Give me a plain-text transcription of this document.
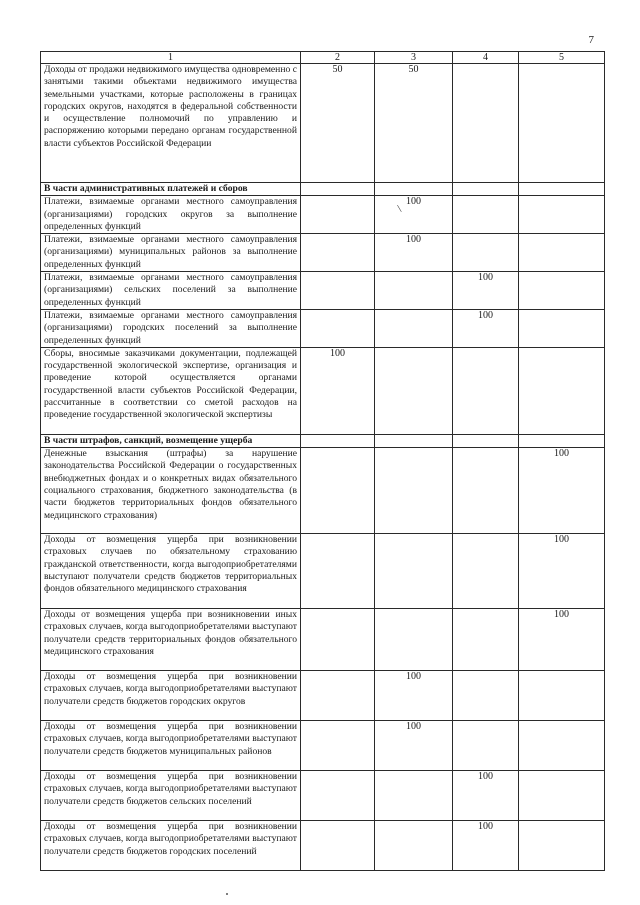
7
1	2	3	4	5
Доходы от продажи недвижимого имущества одновременно с занятыми такими объектами недвижимого имущества земельными участками, которые расположены в границах городских округов, находятся в федеральной собственности и осуществление полномочий по управлению и распоряжению которыми передано органам государственной власти субъектов Российской Федерации	50	50		
В части административных платежей и сборов				
Платежи, взимаемые органами местного самоуправления (организациями) городских округов за выполнение определенных функций		100		
Платежи, взимаемые органами местного самоуправления (организациями) муниципальных районов за выполнение определенных функций		100		
Платежи, взимаемые органами местного самоуправления (организациями) сельских поселений за выполнение определенных функций			100	
Платежи, взимаемые органами местного самоуправления (организациями) городских поселений за выполнение определенных функций			100	
Сборы, вносимые заказчиками документации, подлежащей государственной экологической экспертизе, организация и проведение которой осуществляется органами государственной власти субъектов Российской Федерации, рассчитанные в соответствии со сметой расходов на проведение государственной экологической экспертизы	100			
В части штрафов, санкций, возмещение ущерба				
Денежные взыскания (штрафы) за нарушение законодательства Российской Федерации о государственных внебюджетных фондах и о конкретных видах обязательного социального страхования, бюджетного законодательства (в части бюджетов территориальных фондов обязательного медицинского страхования)				100
Доходы от возмещения ущерба при возникновении страховых случаев по обязательному страхованию гражданской ответственности, когда выгодоприобретателями выступают получатели средств бюджетов территориальных фондов обязательного медицинского страхования				100
Доходы от возмещения ущерба при возникновении иных страховых случаев, когда выгодоприобретателями выступают получатели средств территориальных фондов обязательного медицинского страхования				100
Доходы от возмещения ущерба при возникновении страховых случаев, когда выгодоприобретателями выступают получатели средств бюджетов городских округов		100		
Доходы от возмещения ущерба при возникновении страховых случаев, когда выгодоприобретателями выступают получатели средств бюджетов муниципальных районов		100		
Доходы от возмещения ущерба при возникновении страховых случаев, когда выгодоприобретателями выступают получатели средств бюджетов сельских поселений			100	
Доходы от возмещения ущерба при возникновении страховых случаев, когда выгодоприобретателями выступают получатели средств бюджетов городских поселений			100	
\
